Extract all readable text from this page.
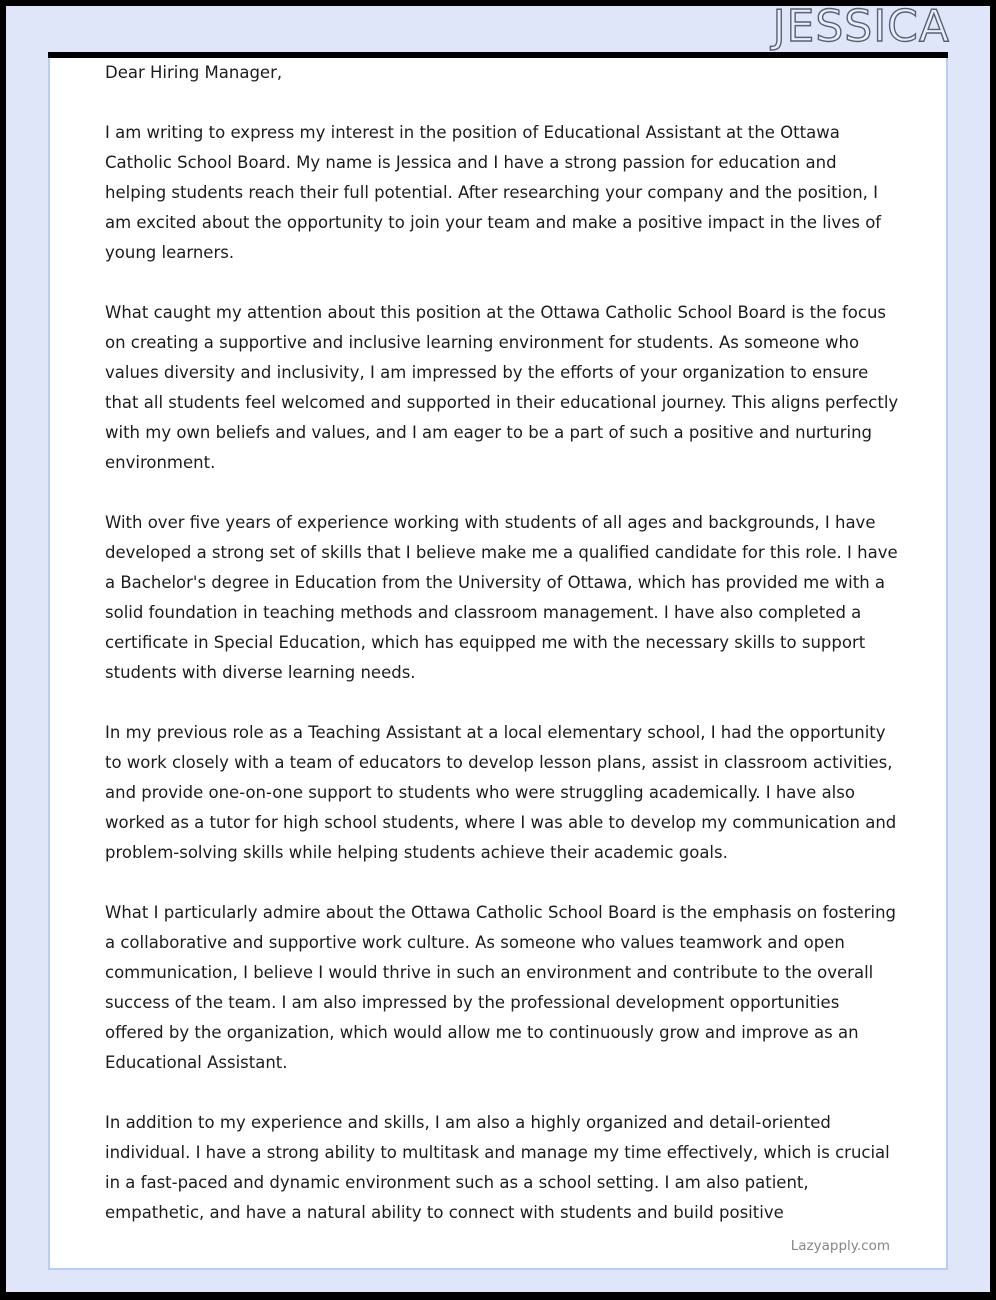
JESSICA
Lazyapply.com

Dear Hiring Manager,

I am writing to express my interest in the position of Educational Assistant at the Ottawa Catholic School Board. My name is Jessica and I have a strong passion for education and helping students reach their full potential. After researching your company and the position, I am excited about the opportunity to join your team and make a positive impact in the lives of young learners.

What caught my attention about this position at the Ottawa Catholic School Board is the focus on creating a supportive and inclusive learning environment for students. As someone who values diversity and inclusivity, I am impressed by the efforts of your organization to ensure that all students feel welcomed and supported in their educational journey. This aligns perfectly with my own beliefs and values, and I am eager to be a part of such a positive and nurturing environment.

With over five years of experience working with students of all ages and backgrounds, I have developed a strong set of skills that I believe make me a qualified candidate for this role. I have a Bachelor's degree in Education from the University of Ottawa, which has provided me with a solid foundation in teaching methods and classroom management. I have also completed a certificate in Special Education, which has equipped me with the necessary skills to support students with diverse learning needs.

In my previous role as a Teaching Assistant at a local elementary school, I had the opportunity to work closely with a team of educators to develop lesson plans, assist in classroom activities, and provide one-on-one support to students who were struggling academically. I have also worked as a tutor for high school students, where I was able to develop my communication and problem-solving skills while helping students achieve their academic goals.

What I particularly admire about the Ottawa Catholic School Board is the emphasis on fostering a collaborative and supportive work culture. As someone who values teamwork and open communication, I believe I would thrive in such an environment and contribute to the overall success of the team. I am also impressed by the professional development opportunities offered by the organization, which would allow me to continuously grow and improve as an Educational Assistant.

In addition to my experience and skills, I am also a highly organized and detail-oriented individual. I have a strong ability to multitask and manage my time effectively, which is crucial in a fast-paced and dynamic environment such as a school setting. I am also patient, empathetic, and have a natural ability to connect with students and build positive
